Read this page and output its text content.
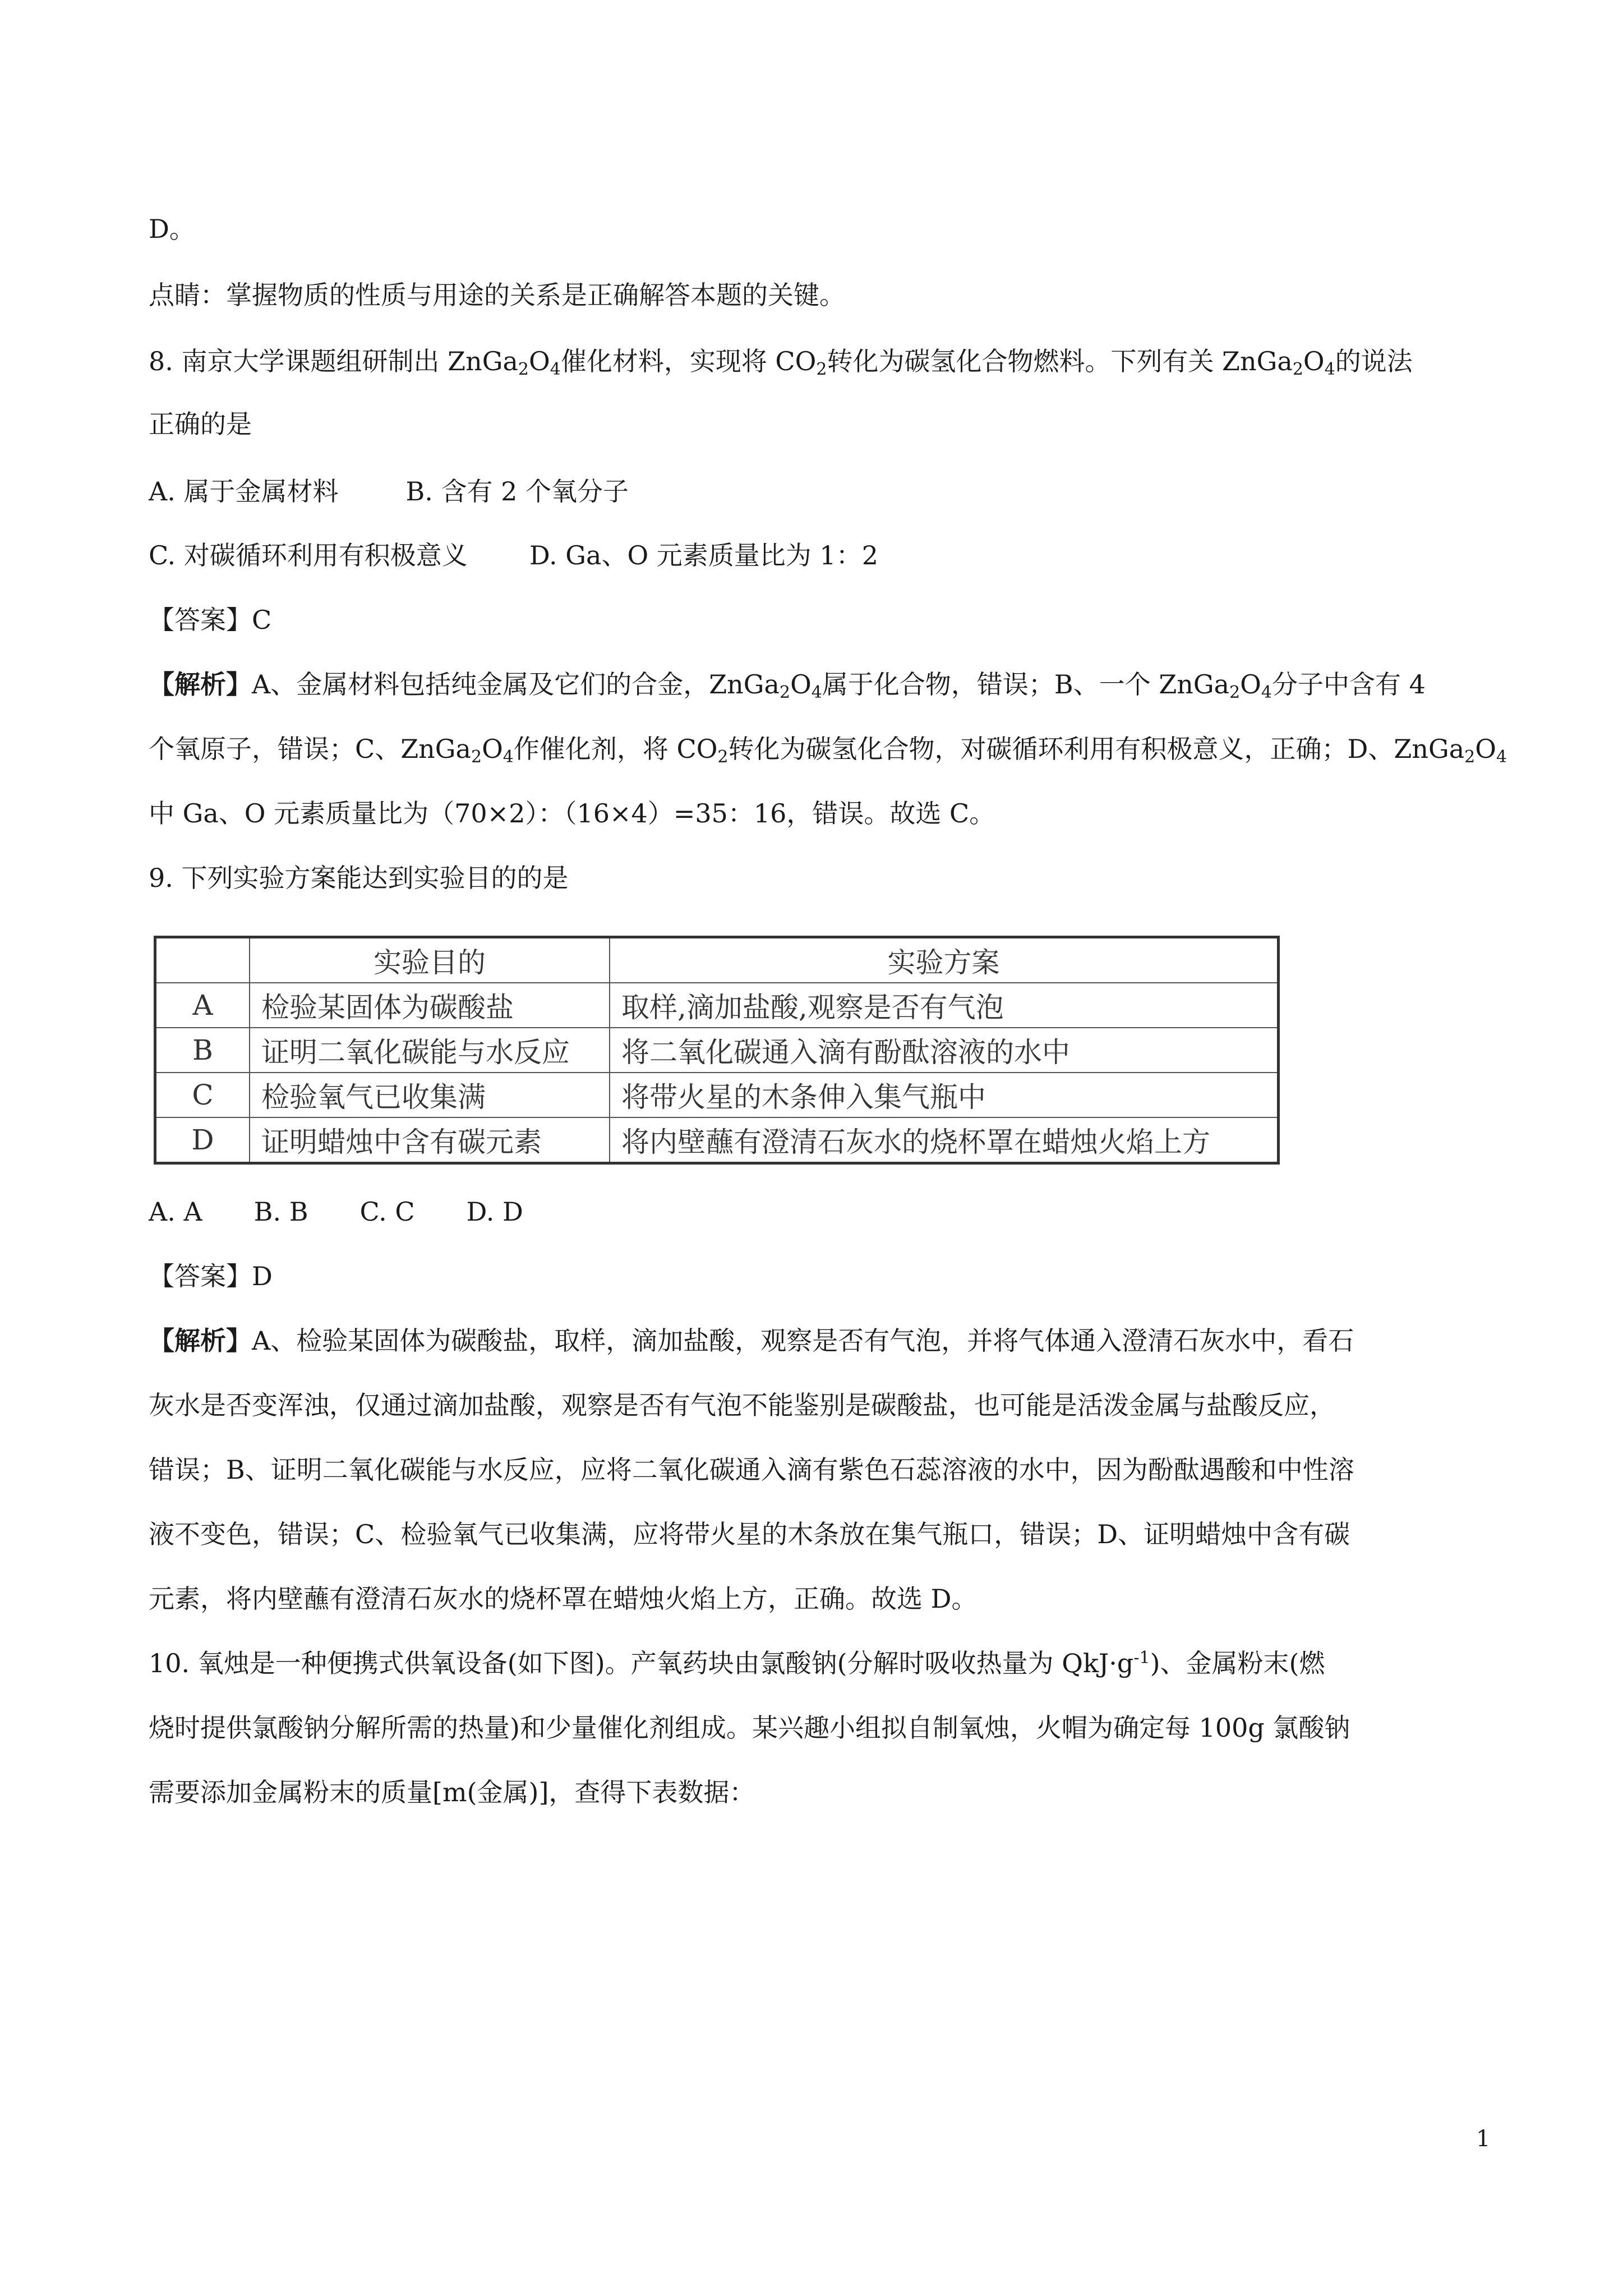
D。
点睛：掌握物质的性质与用途的关系是正确解答本题的关键。
8. 南京大学课题组研制出 $ZnGa_2O_4$催化材料，实现将 $CO_2$转化为碳氢化合物燃料。下列有关 $ZnGa_2O_4$的说法
正确的是
A. 属于金属材料	B. 含有 2 个氧分子
C. 对碳循环利用有积极意义 D. Ga、O 元素质量比为 1：2
【答案】C
【解析】A、金属材料包括纯金属及它们的合金，$ZnGa_2O_4$属于化合物，错误；B、一个 $ZnGa_2O_4$分子中含有 4
个氧原子，错误；C、$ZnGa_2O_4$作催化剂，将 $CO_2$转化为碳氢化合物，对碳循环利用有积极意义，正确；D、$ZnGa_2O_4$
中 Ga、O 元素质量比为（70×2）：（16×4）=35：16，错误。故选 C。
9. 下列实验方案能达到实验目的的是
	实验目的	实验方案
A	检验某固体为碳酸盐	取样,滴加盐酸,观察是否有气泡
B	证明二氧化碳能与水反应	将二氧化碳通入滴有酚酞溶液的水中
C	检验氧气已收集满	将带火星的木条伸入集气瓶中
D	证明蜡烛中含有碳元素	将内壁蘸有澄清石灰水的烧杯罩在蜡烛火焰上方
A. A　　B. B　　C. C　　D. D
【答案】D
【解析】A、检验某固体为碳酸盐，取样，滴加盐酸，观察是否有气泡，并将气体通入澄清石灰水中，看石
灰水是否变浑浊，仅通过滴加盐酸，观察是否有气泡不能鉴别是碳酸盐，也可能是活泼金属与盐酸反应，
错误；B、证明二氧化碳能与水反应，应将二氧化碳通入滴有紫色石蕊溶液的水中，因为酚酞遇酸和中性溶
液不变色，错误；C、检验氧气已收集满，应将带火星的木条放在集气瓶口，错误；D、证明蜡烛中含有碳
元素，将内壁蘸有澄清石灰水的烧杯罩在蜡烛火焰上方，正确。故选 D。
10. 氧烛是一种便携式供氧设备(如下图)。产氧药块由氯酸钠(分解时吸收热量为 $QkJ\cdot g^{-1}$)、金属粉末(燃
烧时提供氯酸钠分解所需的热量)和少量催化剂组成。某兴趣小组拟自制氧烛，火帽为确定每 100g 氯酸钠
需要添加金属粉末的质量[m(金属)]，查得下表数据：
1
